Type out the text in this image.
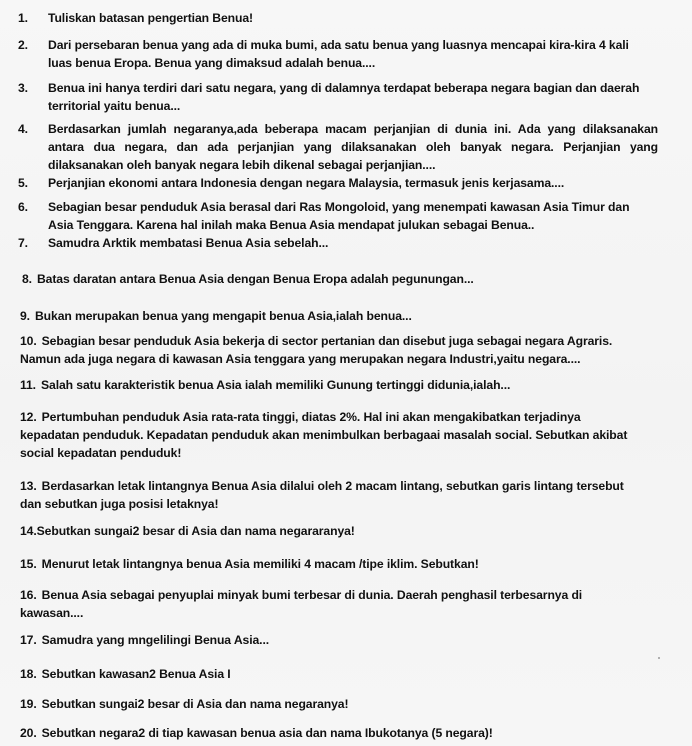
1. Tuliskan batasan pengertian Benua!
2. Dari persebaran benua yang ada di muka bumi, ada satu benua yang luasnya mencapai kira-kira 4 kali
luas benua Eropa. Benua yang dimaksud adalah benua....
3. Benua ini hanya terdiri dari satu negara, yang di dalamnya terdapat beberapa negara bagian dan daerah
territorial yaitu benua...
4. Berdasarkan jumlah negaranya,ada beberapa macam perjanjian di dunia ini. Ada yang dilaksanakan
antara dua negara, dan ada perjanjian yang dilaksanakan oleh banyak negara. Perjanjian yang
dilaksanakan oleh banyak negara lebih dikenal sebagai perjanjian....
5. Perjanjian ekonomi antara Indonesia dengan negara Malaysia, termasuk jenis kerjasama....
6. Sebagian besar penduduk Asia berasal dari Ras Mongoloid, yang menempati kawasan Asia Timur dan
Asia Tenggara. Karena hal inilah maka Benua Asia mendapat julukan sebagai Benua..
7. Samudra Arktik membatasi Benua Asia sebelah...
8. Batas daratan antara Benua Asia dengan Benua Eropa adalah pegunungan...
9. Bukan merupakan benua yang mengapit benua Asia,ialah benua...
10. Sebagian besar penduduk Asia bekerja di sector pertanian dan disebut juga sebagai negara Agraris.
Namun ada juga negara di kawasan Asia tenggara yang merupakan negara Industri,yaitu negara....
11. Salah satu karakteristik benua Asia ialah memiliki Gunung tertinggi didunia,ialah...
12. Pertumbuhan penduduk Asia rata-rata tinggi, diatas 2%. Hal ini akan mengakibatkan terjadinya
kepadatan penduduk. Kepadatan penduduk akan menimbulkan berbagaai masalah social. Sebutkan akibat
social kepadatan penduduk!
13. Berdasarkan letak lintangnya Benua Asia dilalui oleh 2 macam lintang, sebutkan garis lintang tersebut
dan sebutkan juga posisi letaknya!
14.Sebutkan sungai2 besar di Asia dan nama negararanya!
15. Menurut letak lintangnya benua Asia memiliki 4 macam /tipe iklim. Sebutkan!
16. Benua Asia sebagai penyuplai minyak bumi terbesar di dunia. Daerah penghasil terbesarnya di
kawasan....
17. Samudra yang mngelilingi Benua Asia...
18. Sebutkan kawasan2 Benua Asia I
19. Sebutkan sungai2 besar di Asia dan nama negaranya!
20. Sebutkan negara2 di tiap kawasan benua asia dan nama Ibukotanya (5 negara)!
